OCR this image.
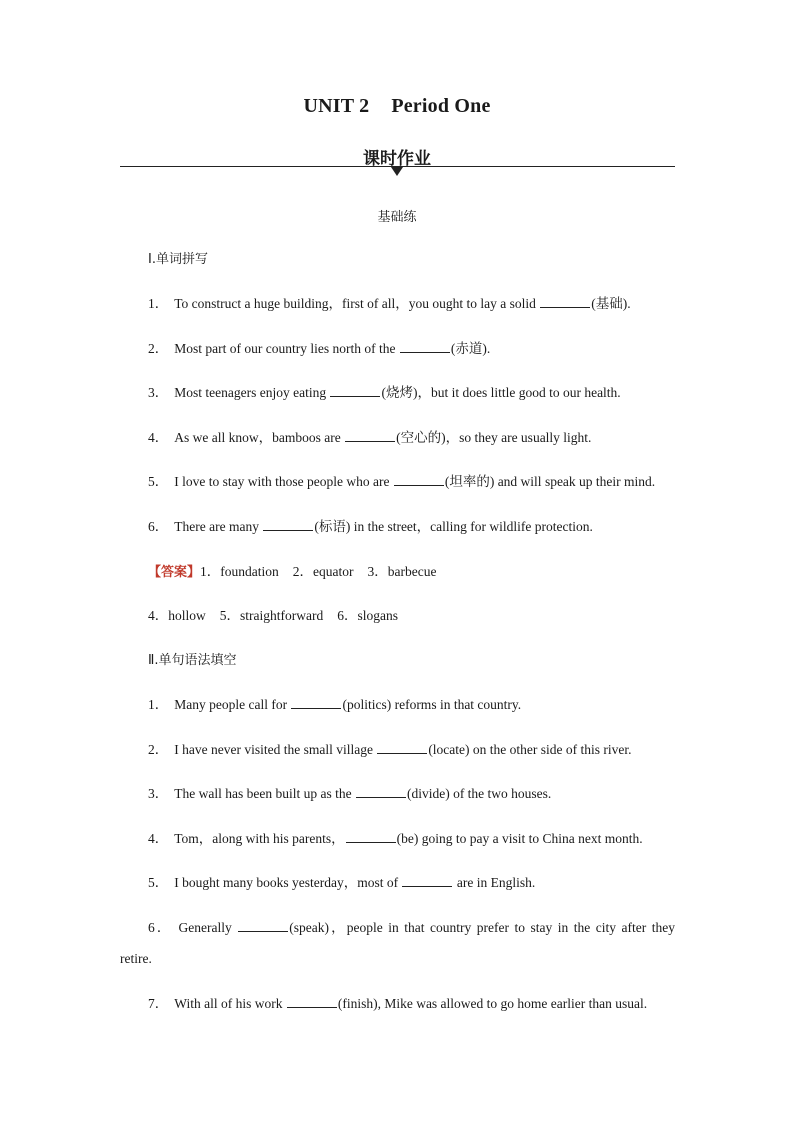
UNIT 2 Period One
课时作业
基础练
Ⅰ.单词拼写
1． To construct a huge building，first of all，you ought to lay a solid	(基础).
2． Most part of our country lies north of the	(赤道).
3． Most teenagers enjoy eating	(烧烤)，but it does little good to our health.
4． As we all know，bamboos are	(空心的)，so they are usually light.
5． I love to stay with those people who are	(坦率的) and will speak up their mind.
6． There are many	(标语) in the street，calling for wildlife protection.
【答案】1．foundation 2．equator 3．barbecue
4．hollow 5．straightforward 6．slogans
Ⅱ.单句语法填空
1． Many people call for	(politics) reforms in that country.
2． I have never visited the small village	(locate) on the other side of this river.
3． The wall has been built up as the	(divide) of the two houses.
4． Tom，along with his parents，	(be) going to pay a visit to China next month.
5． I bought many books yesterday，most of	are in English.
6． Generally	(speak)，people in that country prefer to stay in the city after they
retire.
7． With all of his work	(finish), Mike was allowed to go home earlier than usual.
